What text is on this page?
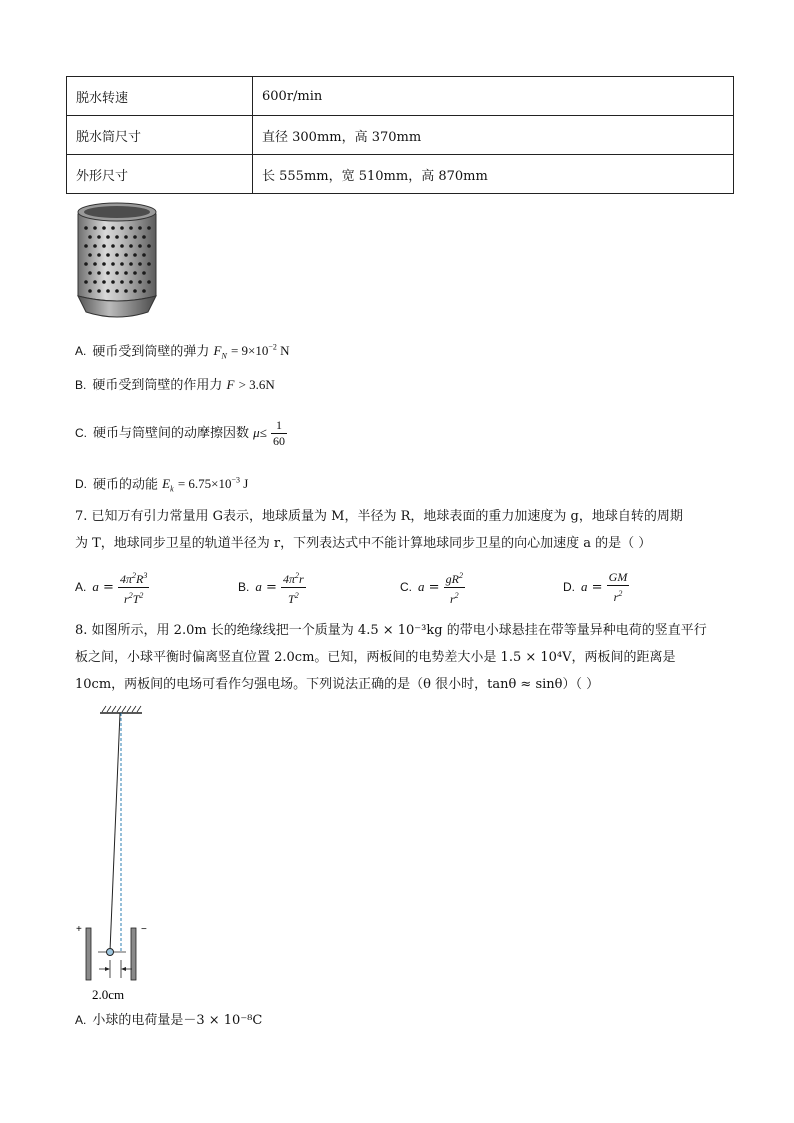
脱水转速	600r/min
脱水筒尺寸	直径 300mm，高 370mm
外形尺寸	长 555mm，宽 510mm，高 870mm
A. 硬币受到筒壁的弹力 $F_N = 9\times 10^{-2}$ N
B. 硬币受到筒壁的作用力 F > 3.6N
C. 硬币与筒壁间的动摩擦因数 $\mu\le \frac{1}{60}$
D. 硬币的动能 $E_k = 6.75\times 10^{-3}$ J
7. 已知万有引力常量用 G表示，地球质量为 M，半径为 R，地球表面的重力加速度为 g，地球自转的周期
为 T，地球同步卫星的轨道半径为 r，下列表达式中不能计算地球同步卫星的向心加速度 a 的是（ ）
A. $a = \frac{4\pi^2R^3}{r^2T^2}$	B. $a = \frac{4\pi^2r}{T^2}$	C. $a = \frac{gR^2}{r^2}$	D. $a = \frac{GM}{r^2}$
8. 如图所示，用 2.0m 长的绝缘线把一个质量为 4.5 × 10⁻³kg 的带电小球悬挂在带等量异种电荷的竖直平行
板之间，小球平衡时偏离竖直位置 2.0cm。已知，两板间的电势差大小是 1.5 × 10⁴V，两板间的距离是
10cm，两板间的电场可看作匀强电场。下列说法正确的是（θ 很小时，tanθ ≈ sinθ）（ ）
+	−
2.0cm
A. 小球的电荷量是－3 × 10⁻⁸C
